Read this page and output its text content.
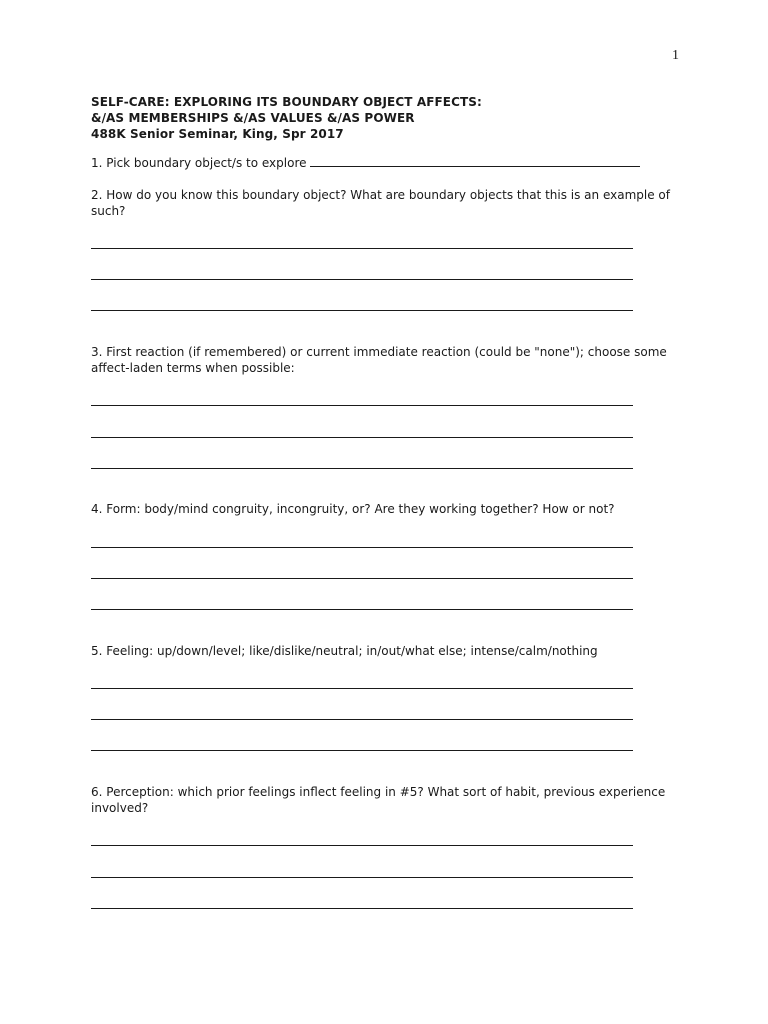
1
SELF-CARE: EXPLORING ITS BOUNDARY OBJECT AFFECTS:
&/AS MEMBERSHIPS &/AS VALUES &/AS POWER
488K Senior Seminar, King, Spr 2017
1. Pick boundary object/s to explore
2. How do you know this boundary object? What are boundary objects that this is an example of such?
3. First reaction (if remembered) or current immediate reaction (could be "none"); choose some affect-laden terms when possible:
4. Form: body/mind congruity, incongruity, or? Are they working together? How or not?
5. Feeling: up/down/level; like/dislike/neutral; in/out/what else; intense/calm/nothing
6. Perception: which prior feelings inflect feeling in #5? What sort of habit, previous experience involved?
